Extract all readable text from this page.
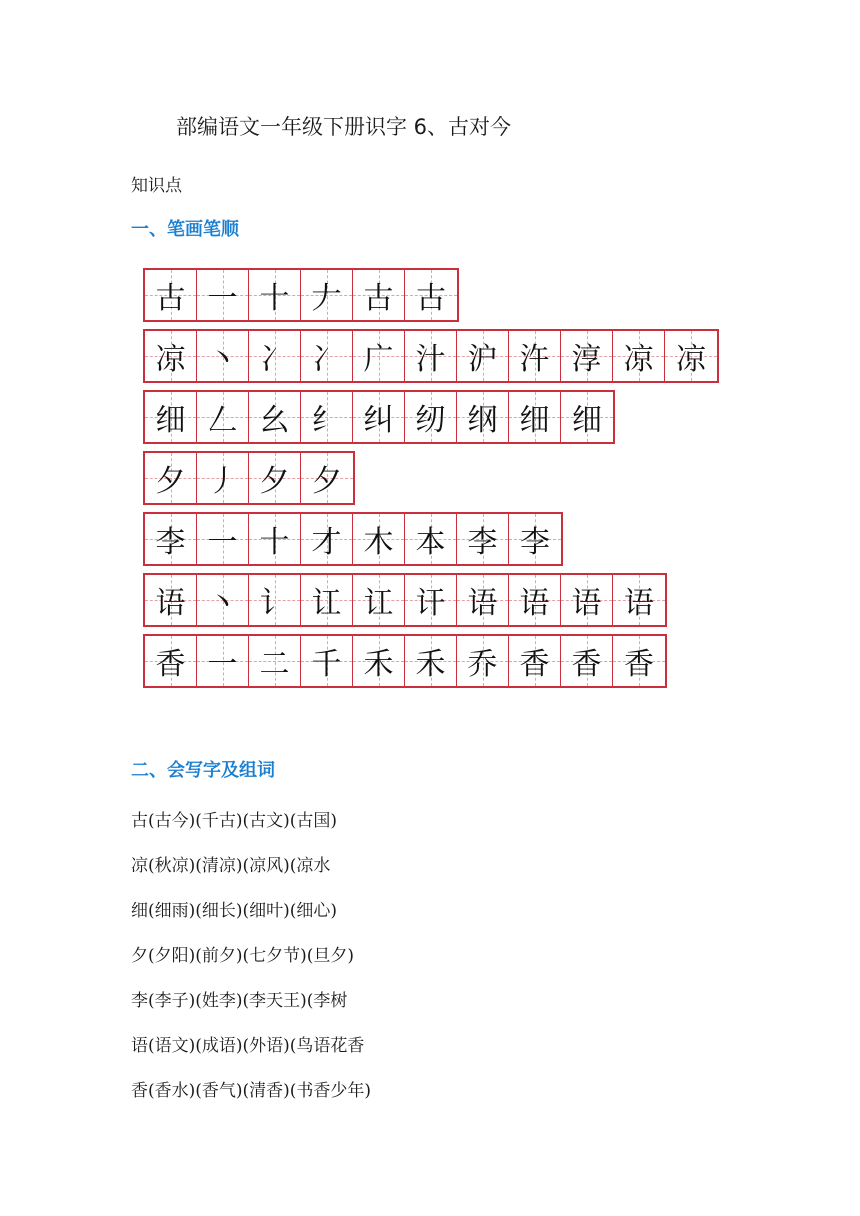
部编语文一年级下册识字 6、古对今
知识点
一、笔画笔顺
古 一 十 𠂇 古 古
凉 丶 冫 冫 广 汁 沪 汻 淳 凉 凉
细 𠃋 幺 纟 纠 纫 纲 细 细
夕 丿 夕 夕
李 一 十 才 木 本 李 李
语 丶 讠 讧 讧 讦 语 语 语 语
香 一 二 千 禾 禾 乔 香 香 香
二、会写字及组词
古(古今)(千古)(古文)(古国)
凉(秋凉)(清凉)(凉风)(凉水
细(细雨)(细长)(细叶)(细心)
夕(夕阳)(前夕)(七夕节)(旦夕)
李(李子)(姓李)(李天王)(李树
语(语文)(成语)(外语)(鸟语花香
香(香水)(香气)(清香)(书香少年)
